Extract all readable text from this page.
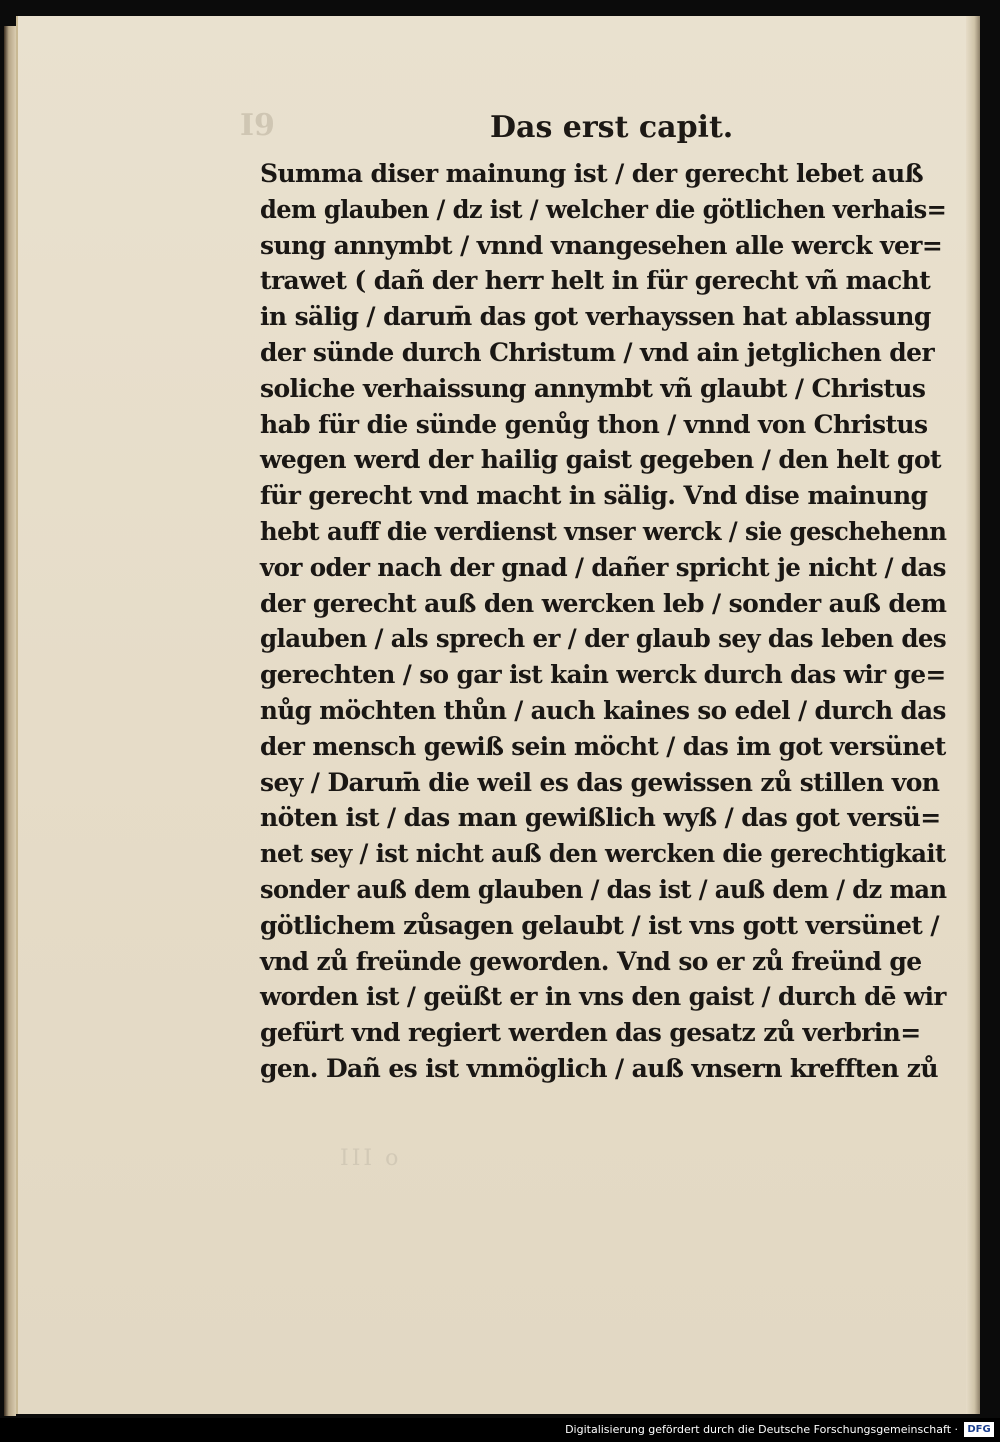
I9
III o
Das erst capit.
Summa diser mainung ist / der gerecht lebet auß
dem glauben / dz ist / welcher die götlichen verhais=
sung annymbt / vnnd vnangesehen alle werck ver=
trawet ( dañ der herr helt in für gerecht vñ macht
in sälig / darum̄ das got verhayssen hat ablassung
der sünde durch Christum / vnd ain jetglichen der
soliche verhaissung annymbt vñ glaubt / Christus
hab für die sünde genůg thon / vnnd von Christus
wegen werd der hailig gaist gegeben / den helt got
für gerecht vnd macht in sälig. Vnd dise mainung
hebt auff die verdienst vnser werck / sie geschehenn
vor oder nach der gnad / dañer spricht je nicht / das
der gerecht auß den wercken leb / sonder auß dem
glauben / als sprech er / der glaub sey das leben des
gerechten / so gar ist kain werck durch das wir ge=
nůg möchten thůn / auch kaines so edel / durch das
der mensch gewiß sein möcht / das im got versünet
sey / Darum̄ die weil es das gewissen zů stillen von
nöten ist / das man gewißlich wyß / das got versü=
net sey / ist nicht auß den wercken die gerechtigkait
sonder auß dem glauben / das ist / auß dem / dz man
götlichem zůsagen gelaubt / ist vns gott versünet /
vnd zů freünde geworden. Vnd so er zů freünd ge
worden ist / geüßt er in vns den gaist / durch dē wir
gefürt vnd regiert werden das gesatz zů verbrin=
gen. Dañ es ist vnmöglich / auß vnsern krefften zů
Digitalisierung gefördert durch die Deutsche Forschungsgemeinschaft · DFG
